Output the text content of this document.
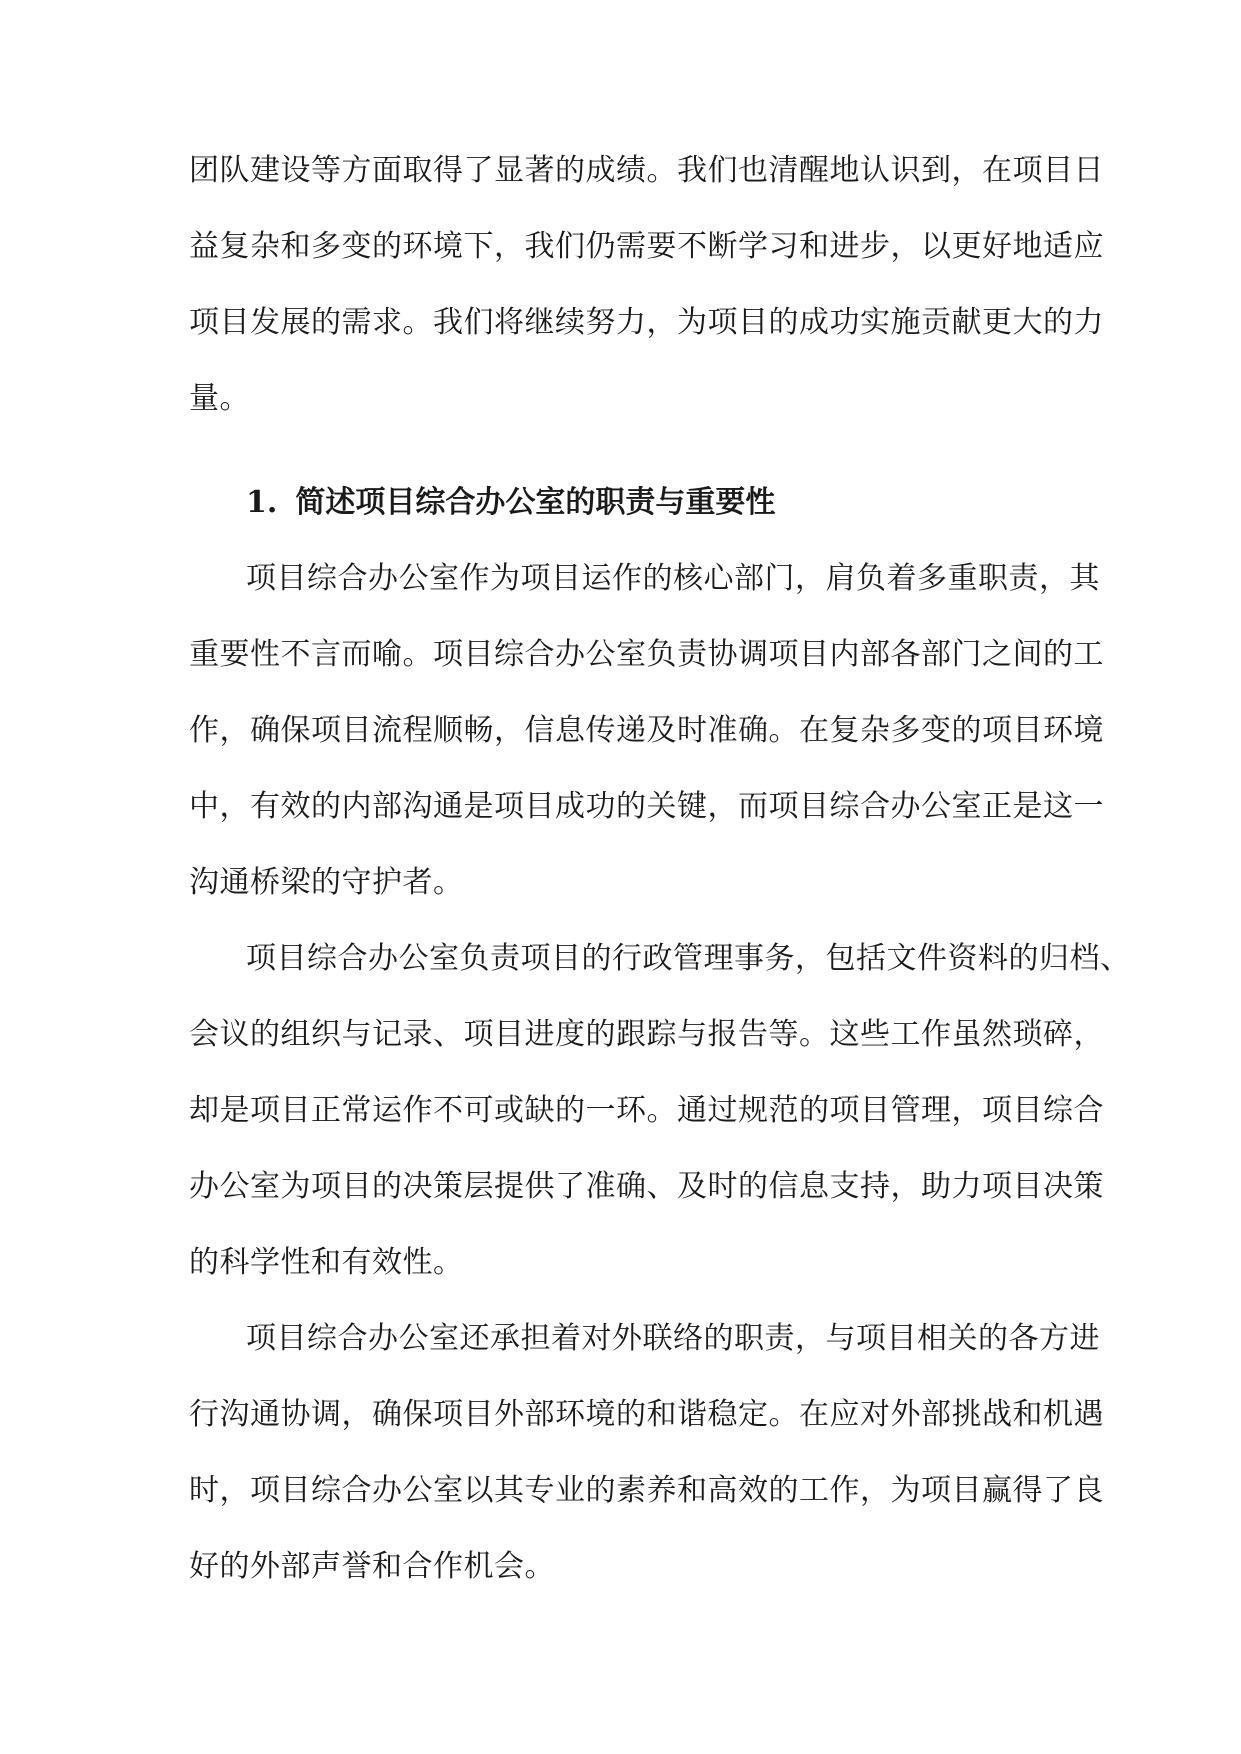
团队建设等方面取得了显著的成绩。我们也清醒地认识到，在项目日
益复杂和多变的环境下，我们仍需要不断学习和进步，以更好地适应
项目发展的需求。我们将继续努力，为项目的成功实施贡献更大的力
量。
1. 简述项目综合办公室的职责与重要性
项目综合办公室作为项目运作的核心部门，肩负着多重职责，其
重要性不言而喻。项目综合办公室负责协调项目内部各部门之间的工
作，确保项目流程顺畅，信息传递及时准确。在复杂多变的项目环境
中，有效的内部沟通是项目成功的关键，而项目综合办公室正是这一
沟通桥梁的守护者。
项目综合办公室负责项目的行政管理事务，包括文件资料的归档、
会议的组织与记录、项目进度的跟踪与报告等。这些工作虽然琐碎，
却是项目正常运作不可或缺的一环。通过规范的项目管理，项目综合
办公室为项目的决策层提供了准确、及时的信息支持，助力项目决策
的科学性和有效性。
项目综合办公室还承担着对外联络的职责，与项目相关的各方进
行沟通协调，确保项目外部环境的和谐稳定。在应对外部挑战和机遇
时，项目综合办公室以其专业的素养和高效的工作，为项目赢得了良
好的外部声誉和合作机会。
